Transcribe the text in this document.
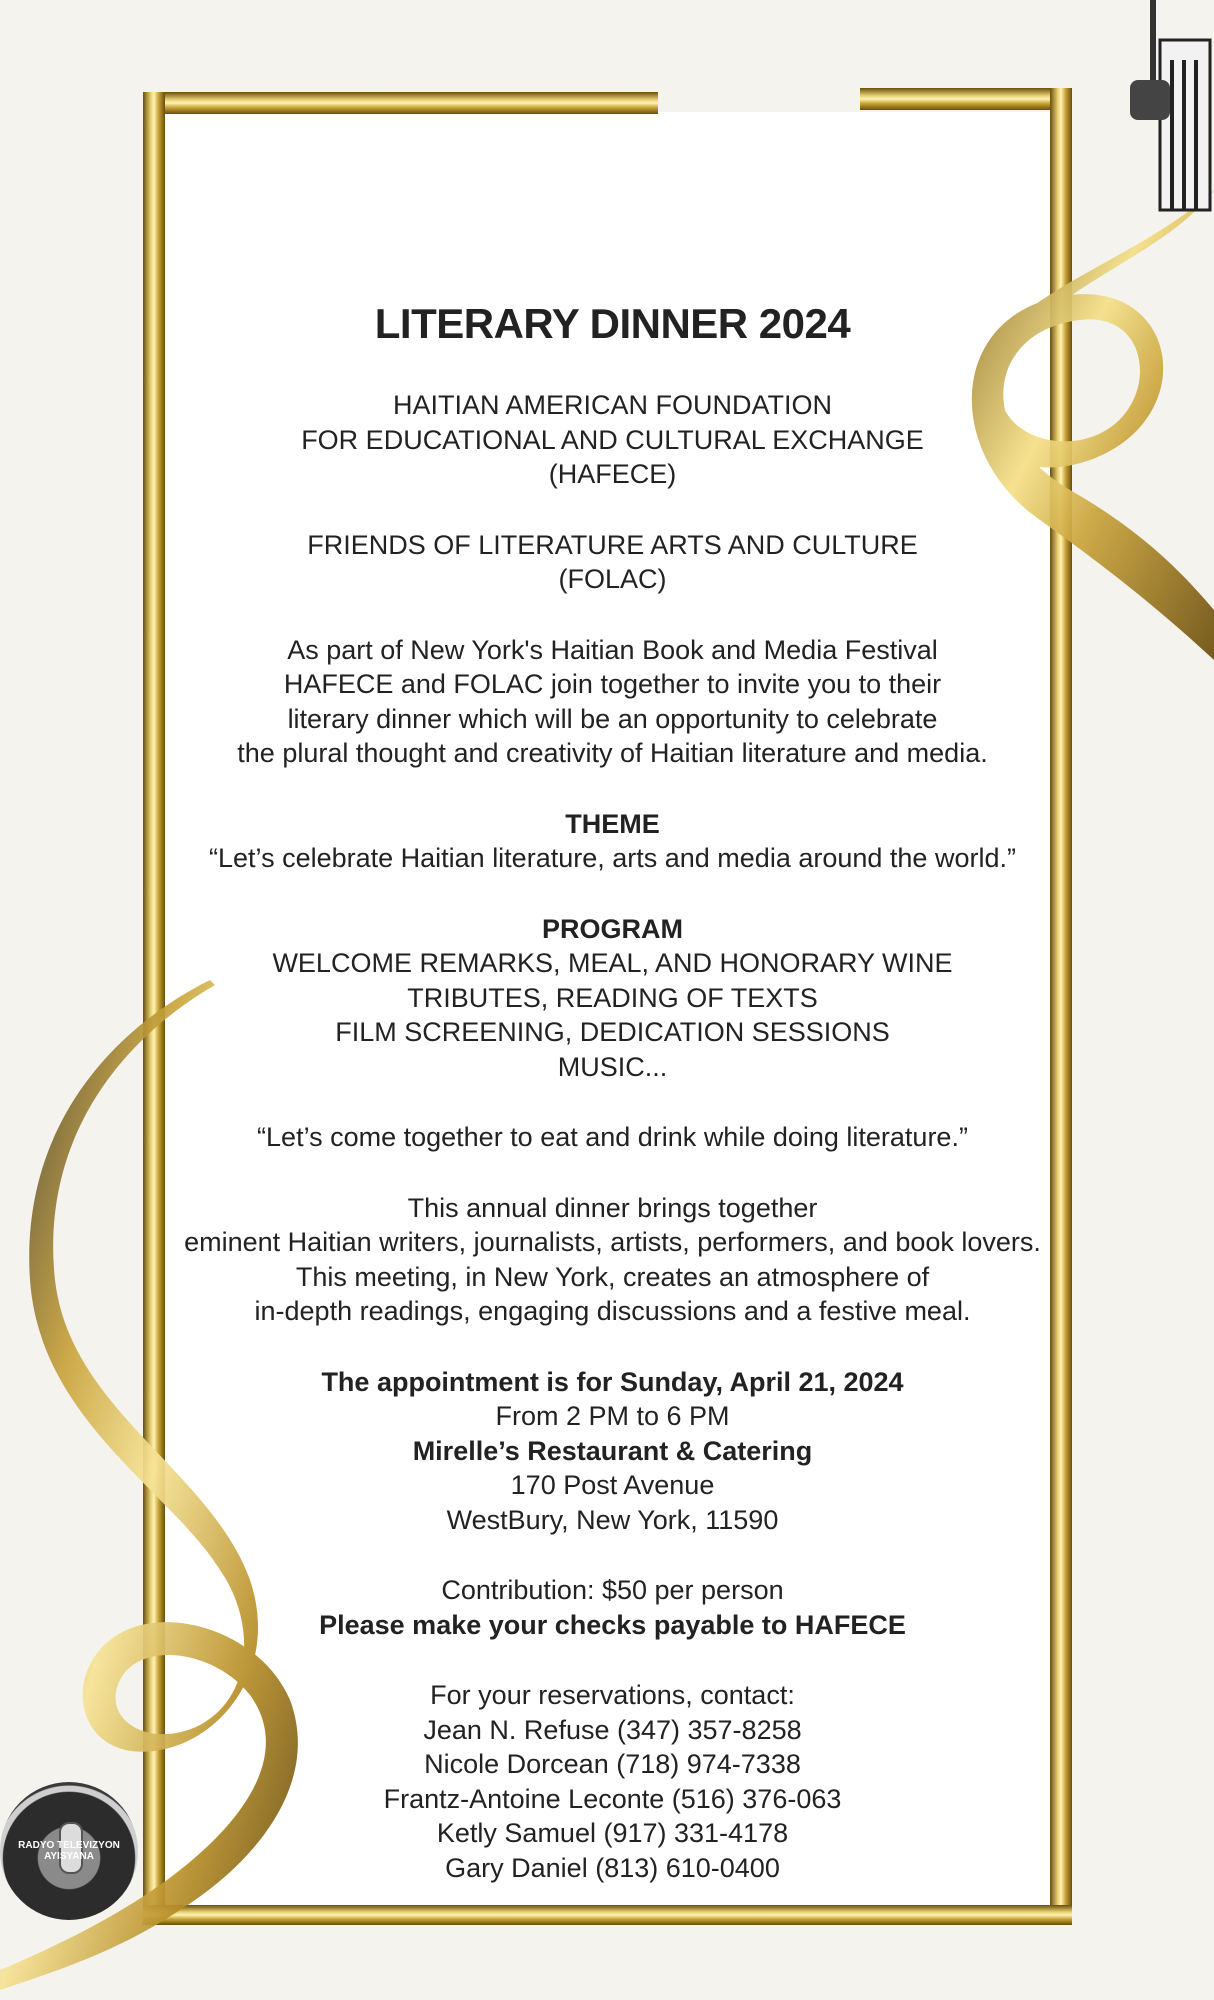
LITERARY DINNER 2024

HAITIAN AMERICAN FOUNDATION

FOR EDUCATIONAL AND CULTURAL EXCHANGE

(HAFECE)

FRIENDS OF LITERATURE ARTS AND CULTURE

(FOLAC)

As part of New York's Haitian Book and Media Festival

HAFECE and FOLAC join together to invite you to their

literary dinner which will be an opportunity to celebrate

the plural thought and creativity of Haitian literature and media.

THEME

“Let’s celebrate Haitian literature, arts and media around the world.”

PROGRAM

WELCOME REMARKS, MEAL, AND HONORARY WINE

TRIBUTES, READING OF TEXTS

FILM SCREENING, DEDICATION SESSIONS

MUSIC...

“Let’s come together to eat and drink while doing literature.”

This annual dinner brings together

eminent Haitian writers, journalists, artists, performers, and book lovers.

This meeting, in New York, creates an atmosphere of

in-depth readings, engaging discussions and a festive meal.

The appointment is for Sunday, April 21, 2024

From 2 PM to 6 PM

Mirelle’s Restaurant & Catering

170 Post Avenue

WestBury, New York, 11590

Contribution: $50 per person

Please make your checks payable to HAFECE

For your reservations, contact:

Jean N. Refuse (347) 357-8258

Nicole Dorcean (718) 974-7338

Frantz-Antoine Leconte (516) 376-063

Ketly Samuel (917) 331-4178

Gary Daniel (813) 610-0400

RADYO TELEVIZYON AYISYANA
